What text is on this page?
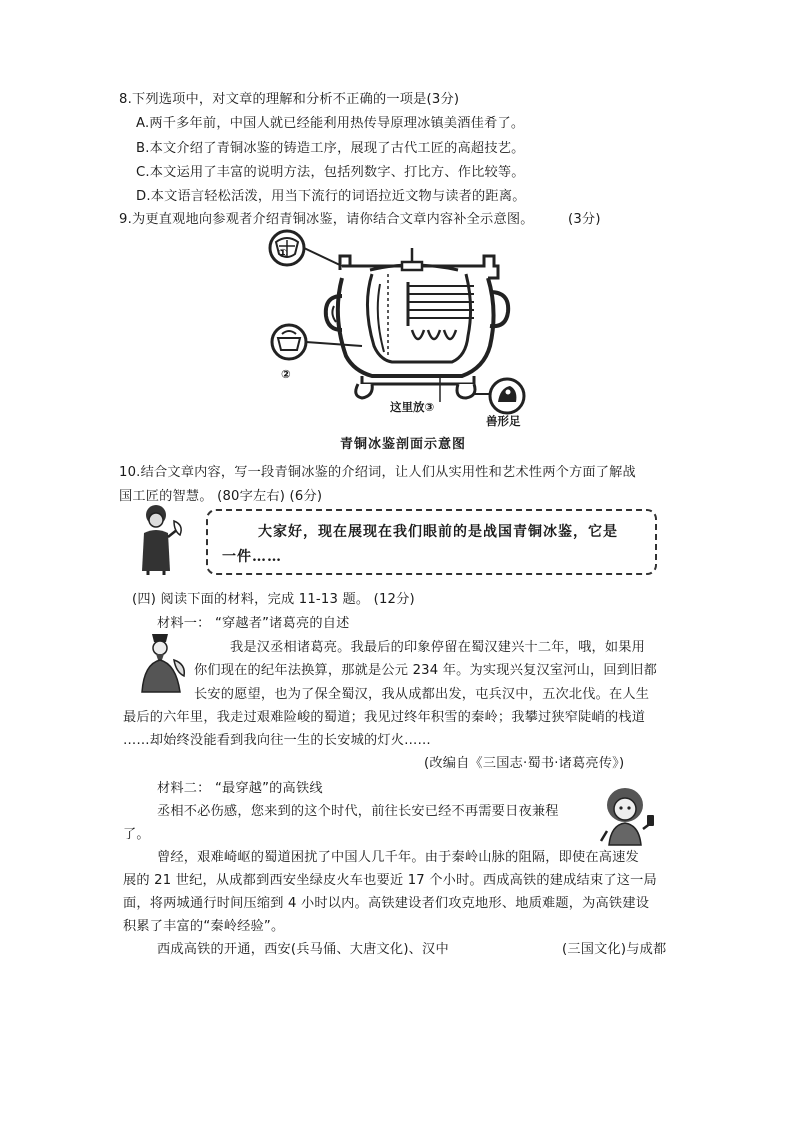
8.下列选项中，对文章的理解和分析不正确的一项是(3分)
A.两千多年前，中国人就已经能利用热传导原理冰镇美酒佳肴了。
B.本文介绍了青铜冰鉴的铸造工序，展现了古代工匠的高超技艺。
C.本文运用了丰富的说明方法，包括列数字、打比方、作比较等。
D.本文语言轻松活泼，用当下流行的词语拉近文物与读者的距离。
9.为更直观地向参观者介绍青铜冰鉴，请你结合文章内容补全示意图。	(3分)
①
②
这里放③
兽形足
青铜冰鉴剖面示意图
10.结合文章内容，写一段青铜冰鉴的介绍词，让人们从实用性和艺术性两个方面了解战
国工匠的智慧。 (80字左右) (6分)
大家好，现在展现在我们眼前的是战国青铜冰鉴，它是
一件……
(四) 阅读下面的材料，完成 11-13 题。 (12分)
材料一： “穿越者”诸葛亮的自述
我是汉丞相诸葛亮。我最后的印象停留在蜀汉建兴十二年，哦，如果用
你们现在的纪年法换算，那就是公元 234 年。为实现兴复汉室河山，回到旧都
长安的愿望，也为了保全蜀汉，我从成都出发，屯兵汉中，五次北伐。在人生
最后的六年里，我走过艰难险峻的蜀道；我见过终年积雪的秦岭；我攀过狭窄陡峭的栈道
……却始终没能看到我向往一生的长安城的灯火……
(改编自《三国志·蜀书·诸葛亮传》)
材料二： “最穿越”的高铁线
丞相不必伤感，您来到的这个时代，前往长安已经不再需要日夜兼程
了。
曾经，艰难崎岖的蜀道困扰了中国人几千年。由于秦岭山脉的阻隔，即使在高速发
展的 21 世纪，从成都到西安坐绿皮火车也要近 17 个小时。西成高铁的建成结束了这一局
面，将两城通行时间压缩到 4 小时以内。高铁建设者们攻克地形、地质难题，为高铁建设
积累了丰富的“秦岭经验”。
西成高铁的开通，西安(兵马俑、大唐文化)、汉中	(三国文化)与成都
